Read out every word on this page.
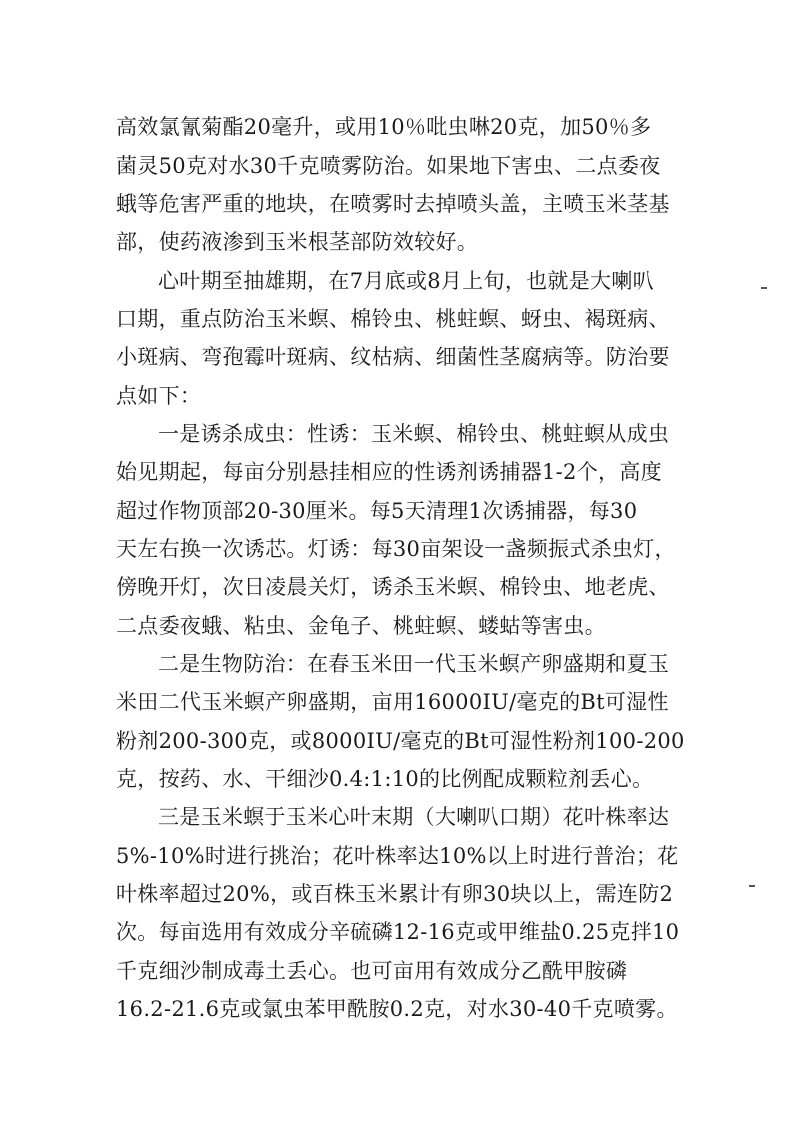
高效氯氰菊酯20毫升，或用10％吡虫啉20克，加50％多
菌灵50克对水30千克喷雾防治。如果地下害虫、二点委夜
蛾等危害严重的地块，在喷雾时去掉喷头盖，主喷玉米茎基
部，使药液渗到玉米根茎部防效较好。
心叶期至抽雄期，在7月底或8月上旬，也就是大喇叭
口期，重点防治玉米螟、棉铃虫、桃蛀螟、蚜虫、褐斑病、
小斑病、弯孢霉叶斑病、纹枯病、细菌性茎腐病等。防治要
点如下：
一是诱杀成虫：性诱：玉米螟、棉铃虫、桃蛀螟从成虫
始见期起，每亩分别悬挂相应的性诱剂诱捕器1-2个，高度
超过作物顶部20-30厘米。每5天清理1次诱捕器，每30
天左右换一次诱芯。灯诱：每30亩架设一盏频振式杀虫灯，
傍晚开灯，次日凌晨关灯，诱杀玉米螟、棉铃虫、地老虎、
二点委夜蛾、粘虫、金龟子、桃蛀螟、蝼蛄等害虫。
二是生物防治：在春玉米田一代玉米螟产卵盛期和夏玉
米田二代玉米螟产卵盛期，亩用16000IU/毫克的Bt可湿性
粉剂200-300克，或8000IU/毫克的Bt可湿性粉剂100-200
克，按药、水、干细沙0.4:1:10的比例配成颗粒剂丢心。
三是玉米螟于玉米心叶末期（大喇叭口期）花叶株率达
5%-10%时进行挑治；花叶株率达10%以上时进行普治；花
叶株率超过20%，或百株玉米累计有卵30块以上，需连防2
次。每亩选用有效成分辛硫磷12-16克或甲维盐0.25克拌10
千克细沙制成毒土丢心。也可亩用有效成分乙酰甲胺磷
16.2-21.6克或氯虫苯甲酰胺0.2克，对水30-40千克喷雾。
